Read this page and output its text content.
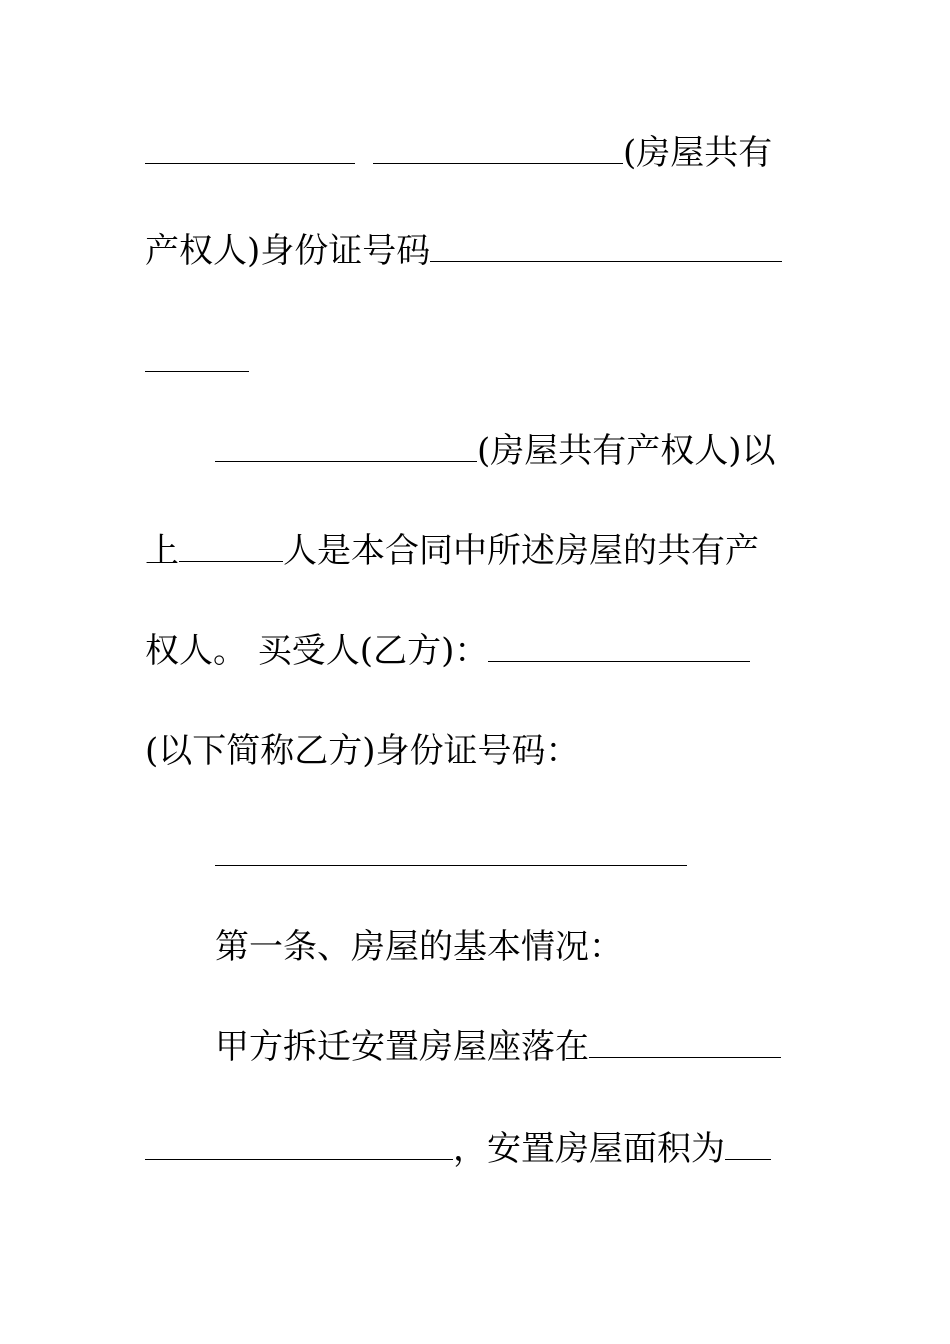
(房屋共有
产权人)身份证号码
(房屋共有产权人)以
上	人是本合同中所述房屋的共有产
权人。 买受人(乙方)：
(以下简称乙方)身份证号码：
第一条、房屋的基本情况：
甲方拆迁安置房屋座落在
，安置房屋面积为
